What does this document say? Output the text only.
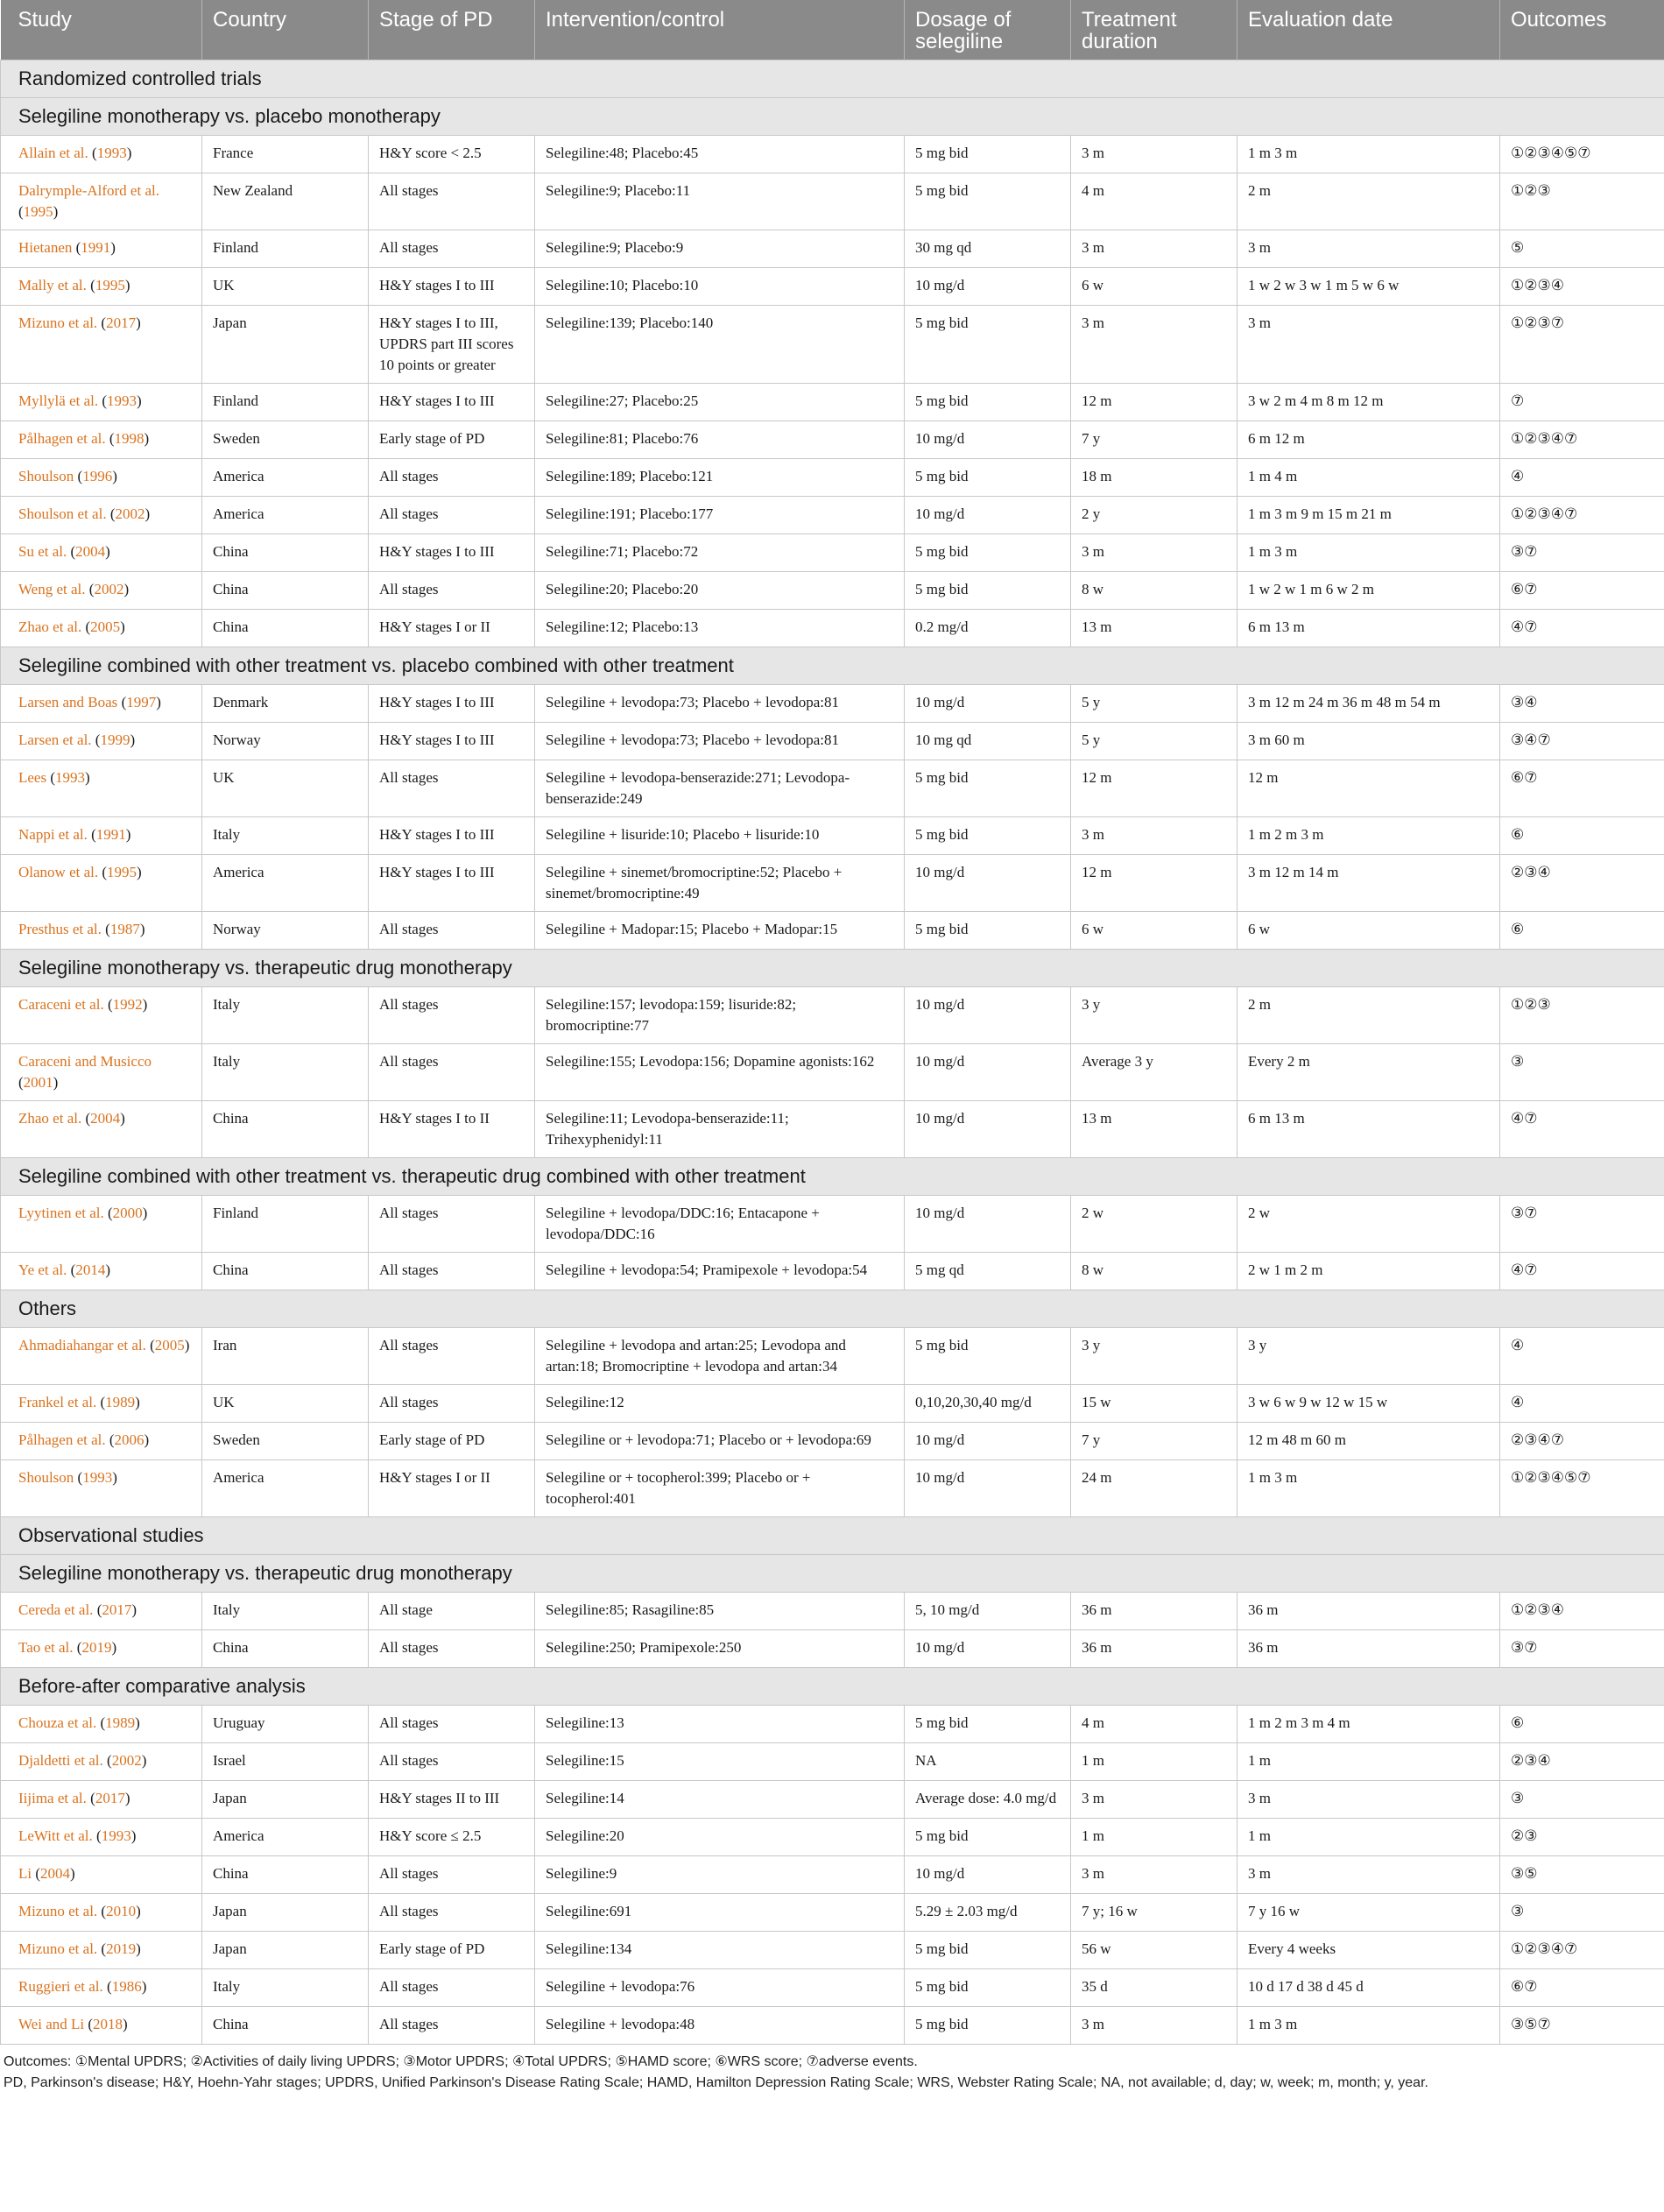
Study	Country	Stage of PD	Intervention/control	Dosage of selegiline	Treatment duration	Evaluation date	Outcomes
Randomized controlled trials							
Selegiline monotherapy vs. placebo monotherapy							
Allain et al. (1993)	France	H&Y score < 2.5	Selegiline:48; Placebo:45	5 mg bid	3 m	1 m 3 m	①②③④⑤⑦
Dalrymple-Alford et al. (1995)	New Zealand	All stages	Selegiline:9; Placebo:11	5 mg bid	4 m	2 m	①②③
Hietanen (1991)	Finland	All stages	Selegiline:9; Placebo:9	30 mg qd	3 m	3 m	⑤
Mally et al. (1995)	UK	H&Y stages I to III	Selegiline:10; Placebo:10	10 mg/d	6 w	1 w 2 w 3 w 1 m 5 w 6 w	①②③④
Mizuno et al. (2017)	Japan	H&Y stages I to III, UPDRS part III scores 10 points or greater	Selegiline:139; Placebo:140	5 mg bid	3 m	3 m	①②③⑦
Myllylä et al. (1993)	Finland	H&Y stages I to III	Selegiline:27; Placebo:25	5 mg bid	12 m	3 w 2 m 4 m 8 m 12 m	⑦
Pålhagen et al. (1998)	Sweden	Early stage of PD	Selegiline:81; Placebo:76	10 mg/d	7 y	6 m 12 m	①②③④⑦
Shoulson (1996)	America	All stages	Selegiline:189; Placebo:121	5 mg bid	18 m	1 m 4 m	④
Shoulson et al. (2002)	America	All stages	Selegiline:191; Placebo:177	10 mg/d	2 y	1 m 3 m 9 m 15 m 21 m	①②③④⑦
Su et al. (2004)	China	H&Y stages I to III	Selegiline:71; Placebo:72	5 mg bid	3 m	1 m 3 m	③⑦
Weng et al. (2002)	China	All stages	Selegiline:20; Placebo:20	5 mg bid	8 w	1 w 2 w 1 m 6 w 2 m	⑥⑦
Zhao et al. (2005)	China	H&Y stages I or II	Selegiline:12; Placebo:13	0.2 mg/d	13 m	6 m 13 m	④⑦
Selegiline combined with other treatment vs. placebo combined with other treatment							
Larsen and Boas (1997)	Denmark	H&Y stages I to III	Selegiline + levodopa:73; Placebo + levodopa:81	10 mg/d	5 y	3 m 12 m 24 m 36 m 48 m 54 m	③④
Larsen et al. (1999)	Norway	H&Y stages I to III	Selegiline + levodopa:73; Placebo + levodopa:81	10 mg qd	5 y	3 m 60 m	③④⑦
Lees (1993)	UK	All stages	Selegiline + levodopa-benserazide:271; Levodopa-benserazide:249	5 mg bid	12 m	12 m	⑥⑦
Nappi et al. (1991)	Italy	H&Y stages I to III	Selegiline + lisuride:10; Placebo + lisuride:10	5 mg bid	3 m	1 m 2 m 3 m	⑥
Olanow et al. (1995)	America	H&Y stages I to III	Selegiline + sinemet/bromocriptine:52; Placebo + sinemet/bromocriptine:49	10 mg/d	12 m	3 m 12 m 14 m	②③④
Presthus et al. (1987)	Norway	All stages	Selegiline + Madopar:15; Placebo + Madopar:15	5 mg bid	6 w	6 w	⑥
Selegiline monotherapy vs. therapeutic drug monotherapy							
Caraceni et al. (1992)	Italy	All stages	Selegiline:157; levodopa:159; lisuride:82; bromocriptine:77	10 mg/d	3 y	2 m	①②③
Caraceni and Musicco (2001)	Italy	All stages	Selegiline:155; Levodopa:156; Dopamine agonists:162	10 mg/d	Average 3 y	Every 2 m	③
Zhao et al. (2004)	China	H&Y stages I to II	Selegiline:11; Levodopa-benserazide:11; Trihexyphenidyl:11	10 mg/d	13 m	6 m 13 m	④⑦
Selegiline combined with other treatment vs. therapeutic drug combined with other treatment							
Lyytinen et al. (2000)	Finland	All stages	Selegiline + levodopa/DDC:16; Entacapone + levodopa/DDC:16	10 mg/d	2 w	2 w	③⑦
Ye et al. (2014)	China	All stages	Selegiline + levodopa:54; Pramipexole + levodopa:54	5 mg qd	8 w	2 w 1 m 2 m	④⑦
Others							
Ahmadiahangar et al. (2005)	Iran	All stages	Selegiline + levodopa and artan:25; Levodopa and artan:18; Bromocriptine + levodopa and artan:34	5 mg bid	3 y	3 y	④
Frankel et al. (1989)	UK	All stages	Selegiline:12	0,10,20,30,40 mg/d	15 w	3 w 6 w 9 w 12 w 15 w	④
Pålhagen et al. (2006)	Sweden	Early stage of PD	Selegiline or + levodopa:71; Placebo or + levodopa:69	10 mg/d	7 y	12 m 48 m 60 m	②③④⑦
Shoulson (1993)	America	H&Y stages I or II	Selegiline or + tocopherol:399; Placebo or + tocopherol:401	10 mg/d	24 m	1 m 3 m	①②③④⑤⑦
Observational studies							
Selegiline monotherapy vs. therapeutic drug monotherapy							
Cereda et al. (2017)	Italy	All stage	Selegiline:85; Rasagiline:85	5, 10 mg/d	36 m	36 m	①②③④
Tao et al. (2019)	China	All stages	Selegiline:250; Pramipexole:250	10 mg/d	36 m	36 m	③⑦
Before-after comparative analysis							
Chouza et al. (1989)	Uruguay	All stages	Selegiline:13	5 mg bid	4 m	1 m 2 m 3 m 4 m	⑥
Djaldetti et al. (2002)	Israel	All stages	Selegiline:15	NA	1 m	1 m	②③④
Iijima et al. (2017)	Japan	H&Y stages II to III	Selegiline:14	Average dose: 4.0 mg/d	3 m	3 m	③
LeWitt et al. (1993)	America	H&Y score ≤ 2.5	Selegiline:20	5 mg bid	1 m	1 m	②③
Li (2004)	China	All stages	Selegiline:9	10 mg/d	3 m	3 m	③⑤
Mizuno et al. (2010)	Japan	All stages	Selegiline:691	5.29 ± 2.03 mg/d	7 y; 16 w	7 y 16 w	③
Mizuno et al. (2019)	Japan	Early stage of PD	Selegiline:134	5 mg bid	56 w	Every 4 weeks	①②③④⑦
Ruggieri et al. (1986)	Italy	All stages	Selegiline + levodopa:76	5 mg bid	35 d	10 d 17 d 38 d 45 d	⑥⑦
Wei and Li (2018)	China	All stages	Selegiline + levodopa:48	5 mg bid	3 m	1 m 3 m	③⑤⑦
Outcomes: ①Mental UPDRS; ②Activities of daily living UPDRS; ③Motor UPDRS; ④Total UPDRS; ⑤HAMD score; ⑥WRS score; ⑦adverse events.
PD, Parkinson's disease; H&Y, Hoehn-Yahr stages; UPDRS, Unified Parkinson's Disease Rating Scale; HAMD, Hamilton Depression Rating Scale; WRS, Webster Rating Scale; NA, not available; d, day; w, week; m, month; y, year.
